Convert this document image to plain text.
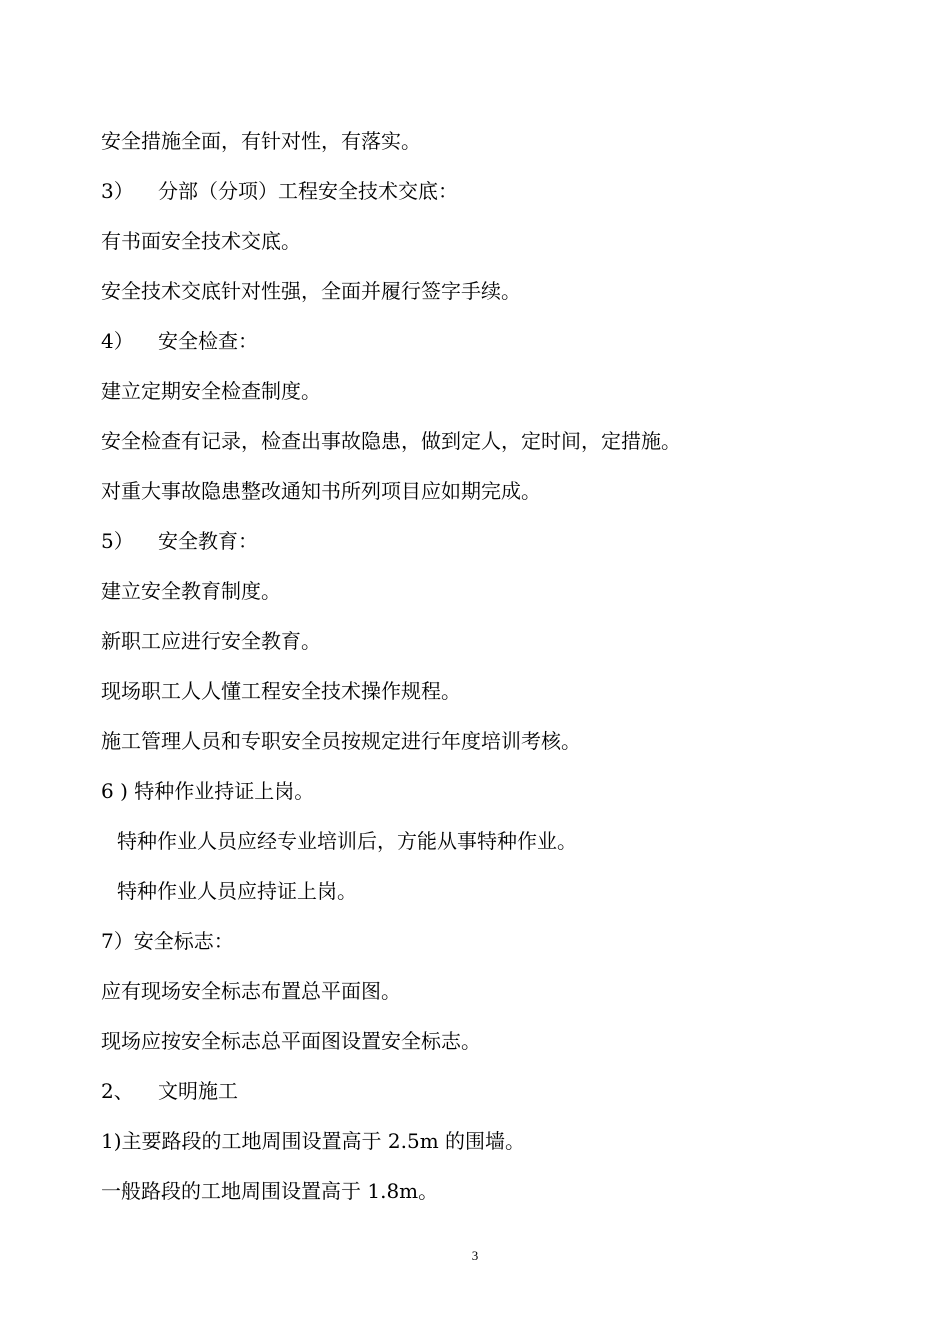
安全措施全面，有针对性，有落实。

3） 分部（分项）工程安全技术交底：

有书面安全技术交底。

安全技术交底针对性强，全面并履行签字手续。

4） 安全检查：

建立定期安全检查制度。

安全检查有记录，检查出事故隐患，做到定人，定时间，定措施。

对重大事故隐患整改通知书所列项目应如期完成。

5） 安全教育：

建立安全教育制度。

新职工应进行安全教育。

现场职工人人懂工程安全技术操作规程。

施工管理人员和专职安全员按规定进行年度培训考核。

6 ) 特种作业持证上岗。

特种作业人员应经专业培训后，方能从事特种作业。

特种作业人员应持证上岗。

7）安全标志：

应有现场安全标志布置总平面图。

现场应按安全标志总平面图设置安全标志。

2、 文明施工

1)主要路段的工地周围设置高于 2.5m 的围墙。

一般路段的工地周围设置高于 1.8m。

3
